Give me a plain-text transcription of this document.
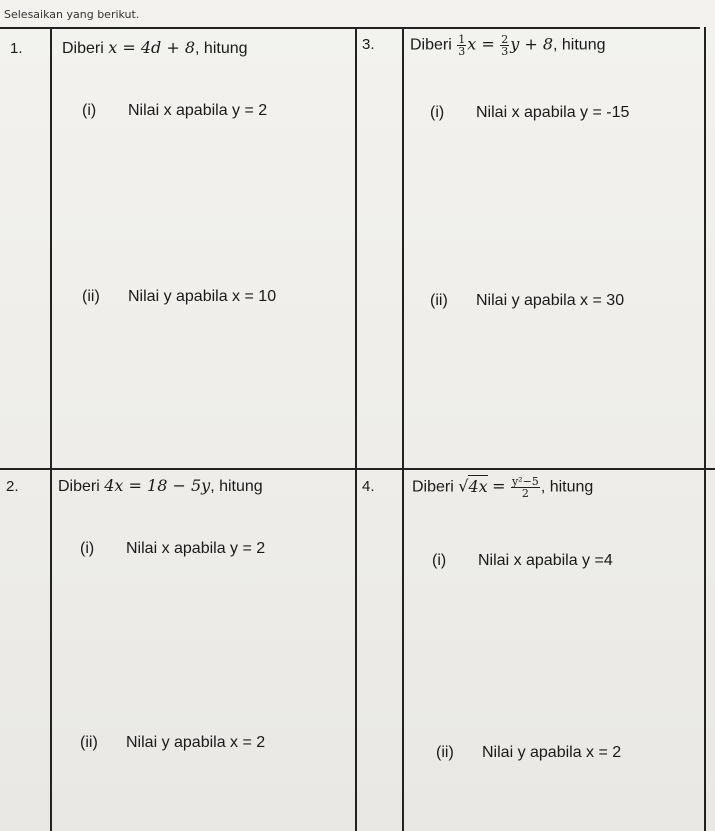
Selesaikan yang berikut.
1. Diberi x = 4d + 8, hitung
(i) Nilai x apabila y = 2
(ii) Nilai y apabila x = 10
3. Diberi $\frac{1}{3}$ $x = \frac{2}{3}$ y + 8, hitung
(i) Nilai x apabila y = -15
(ii) Nilai y apabila x = 30
2. Diberi 4x = 18 − 5y, hitung
(i) Nilai x apabila y = 2
(ii) Nilai y apabila x = 2
4. Diberi $√4x = \frac{\text{y²−5}}{2}$ , hitung
(i) Nilai x apabila y =4
(ii) Nilai y apabila x = 2
